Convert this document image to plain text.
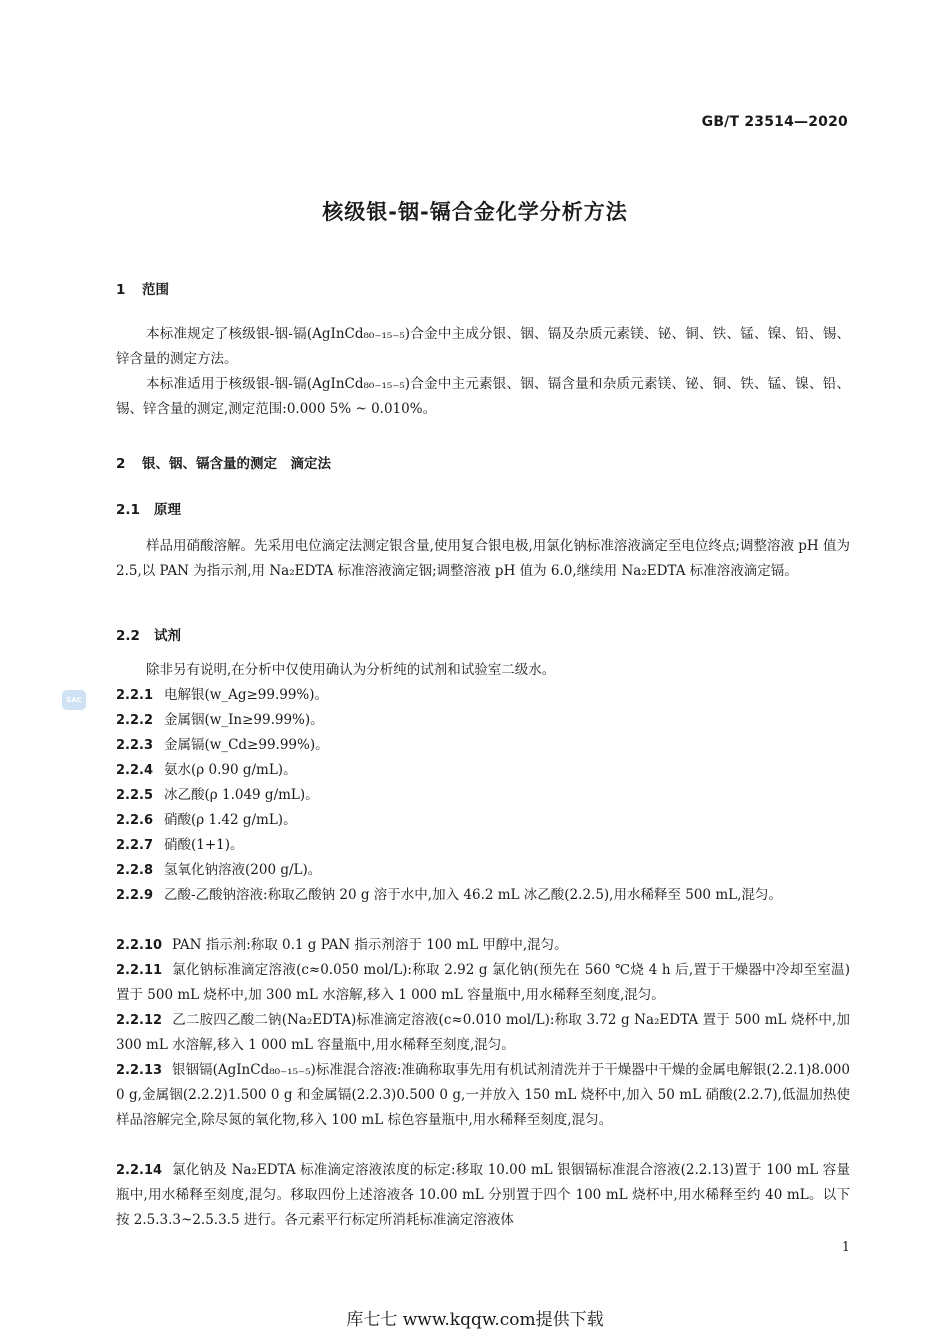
GB/T 23514—2020
核级银-铟-镉合金化学分析方法
1 范围
本标准规定了核级银-铟-镉(AgInCd₈₀₋₁₅₋₅)合金中主成分银、铟、镉及杂质元素镁、铋、铜、铁、锰、镍、铅、锡、锌含量的测定方法。
本标准适用于核级银-铟-镉(AgInCd₈₀₋₁₅₋₅)合金中主元素银、铟、镉含量和杂质元素镁、铋、铜、铁、锰、镍、铅、锡、锌含量的测定,测定范围:0.000 5% ~ 0.010%。
2 银、铟、镉含量的测定　滴定法
2.1 原理
样品用硝酸溶解。先采用电位滴定法测定银含量,使用复合银电极,用氯化钠标准溶液滴定至电位终点;调整溶液 pH 值为 2.5,以 PAN 为指示剂,用 Na₂EDTA 标准溶液滴定铟;调整溶液 pH 值为 6.0,继续用 Na₂EDTA 标准溶液滴定镉。
2.2 试剂
除非另有说明,在分析中仅使用确认为分析纯的试剂和试验室二级水。
SAC	2.2.1 电解银(w_Ag≥99.99%)。
2.2.2 金属铟(w_In≥99.99%)。
2.2.3 金属镉(w_Cd≥99.99%)。
2.2.4 氨水(ρ 0.90 g/mL)。
2.2.5 冰乙酸(ρ 1.049 g/mL)。
2.2.6 硝酸(ρ 1.42 g/mL)。
2.2.7 硝酸(1+1)。
2.2.8 氢氧化钠溶液(200 g/L)。
2.2.9 乙酸-乙酸钠溶液:称取乙酸钠 20 g 溶于水中,加入 46.2 mL 冰乙酸(2.2.5),用水稀释至 500 mL,混匀。
2.2.10 PAN 指示剂:称取 0.1 g PAN 指示剂溶于 100 mL 甲醇中,混匀。
2.2.11 氯化钠标准滴定溶液(c≈0.050 mol/L):称取 2.92 g 氯化钠(预先在 560 ℃烧 4 h 后,置于干燥器中冷却至室温)置于 500 mL 烧杯中,加 300 mL 水溶解,移入 1 000 mL 容量瓶中,用水稀释至刻度,混匀。
2.2.12 乙二胺四乙酸二钠(Na₂EDTA)标准滴定溶液(c≈0.010 mol/L):称取 3.72 g Na₂EDTA 置于 500 mL 烧杯中,加 300 mL 水溶解,移入 1 000 mL 容量瓶中,用水稀释至刻度,混匀。
2.2.13 银铟镉(AgInCd₈₀₋₁₅₋₅)标准混合溶液:准确称取事先用有机试剂清洗并于干燥器中干燥的金属电解银(2.2.1)8.000 0 g,金属铟(2.2.2)1.500 0 g 和金属镉(2.2.3)0.500 0 g,一并放入 150 mL 烧杯中,加入 50 mL 硝酸(2.2.7),低温加热使样品溶解完全,除尽氮的氧化物,移入 100 mL 棕色容量瓶中,用水稀释至刻度,混匀。
2.2.14 氯化钠及 Na₂EDTA 标准滴定溶液浓度的标定:移取 10.00 mL 银铟镉标准混合溶液(2.2.13)置于 100 mL 容量瓶中,用水稀释至刻度,混匀。移取四份上述溶液各 10.00 mL 分别置于四个 100 mL 烧杯中,用水稀释至约 40 mL。以下按 2.5.3.3~2.5.3.5 进行。各元素平行标定所消耗标准滴定溶液体
1
库七七 www.kqqw.com提供下载
